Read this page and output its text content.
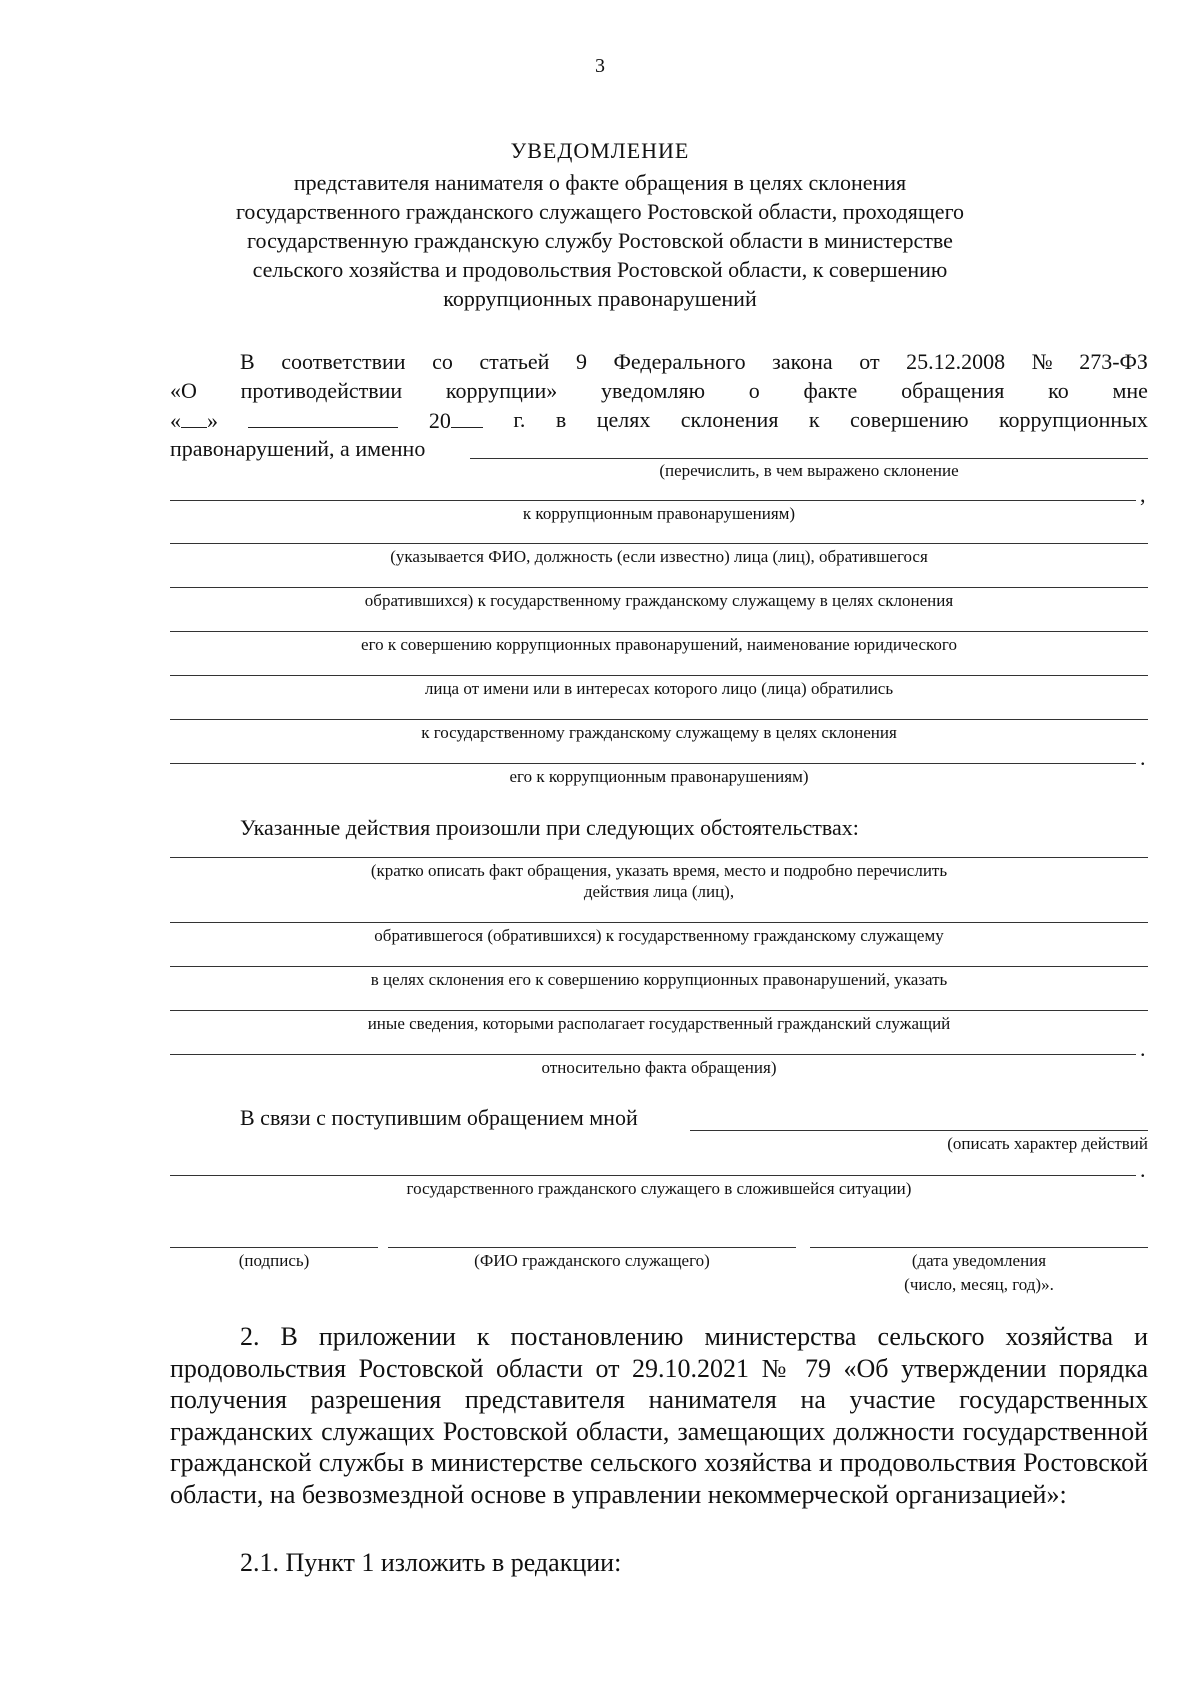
3
УВЕДОМЛЕНИЕ
представителя нанимателя о факте обращения в целях склонения
государственного гражданского служащего Ростовской области, проходящего
государственную гражданскую службу Ростовской области в министерстве
сельского хозяйства и продовольствия Ростовской области, к совершению
коррупционных правонарушений
В соответствии со статьей 9 Федерального закона от 25.12.2008 № 273-ФЗ
«О противодействии коррупции» уведомляю о факте обращения ко мне
« »	20	г. в целях склонения к совершению коррупционных
правонарушений, а именно
(перечислить, в чем выражено склонение
,
к коррупционным правонарушениям)
(указывается ФИО, должность (если известно) лица (лиц), обратившегося
обратившихся) к государственному гражданскому служащему в целях склонения
его к совершению коррупционных правонарушений, наименование юридического
лица от имени или в интересах которого лицо (лица) обратились
к государственному гражданскому служащему в целях склонения
.
его к коррупционным правонарушениям)
Указанные действия произошли при следующих обстоятельствах:
(кратко описать факт обращения, указать время, место и подробно перечислить
действия лица (лиц),
обратившегося (обратившихся) к государственному гражданскому служащему
в целях склонения его к совершению коррупционных правонарушений, указать
иные сведения, которыми располагает государственный гражданский служащий
.
относительно факта обращения)
В связи с поступившим обращением мной
(описать характер действий
.
государственного гражданского служащего в сложившейся ситуации)
(подпись)	(ФИО гражданского служащего)	(дата уведомления
(число, месяц, год)».
2. В приложении к постановлению министерства сельского хозяйства и продовольствия Ростовской области от 29.10.2021 № 79 «Об утверждении порядка получения разрешения представителя нанимателя на участие государственных гражданских служащих Ростовской области, замещающих должности государственной гражданской службы в министерстве сельского хозяйства и продовольствия Ростовской области, на безвозмездной основе в управлении некоммерческой организацией»:
2.1. Пункт 1 изложить в редакции:
